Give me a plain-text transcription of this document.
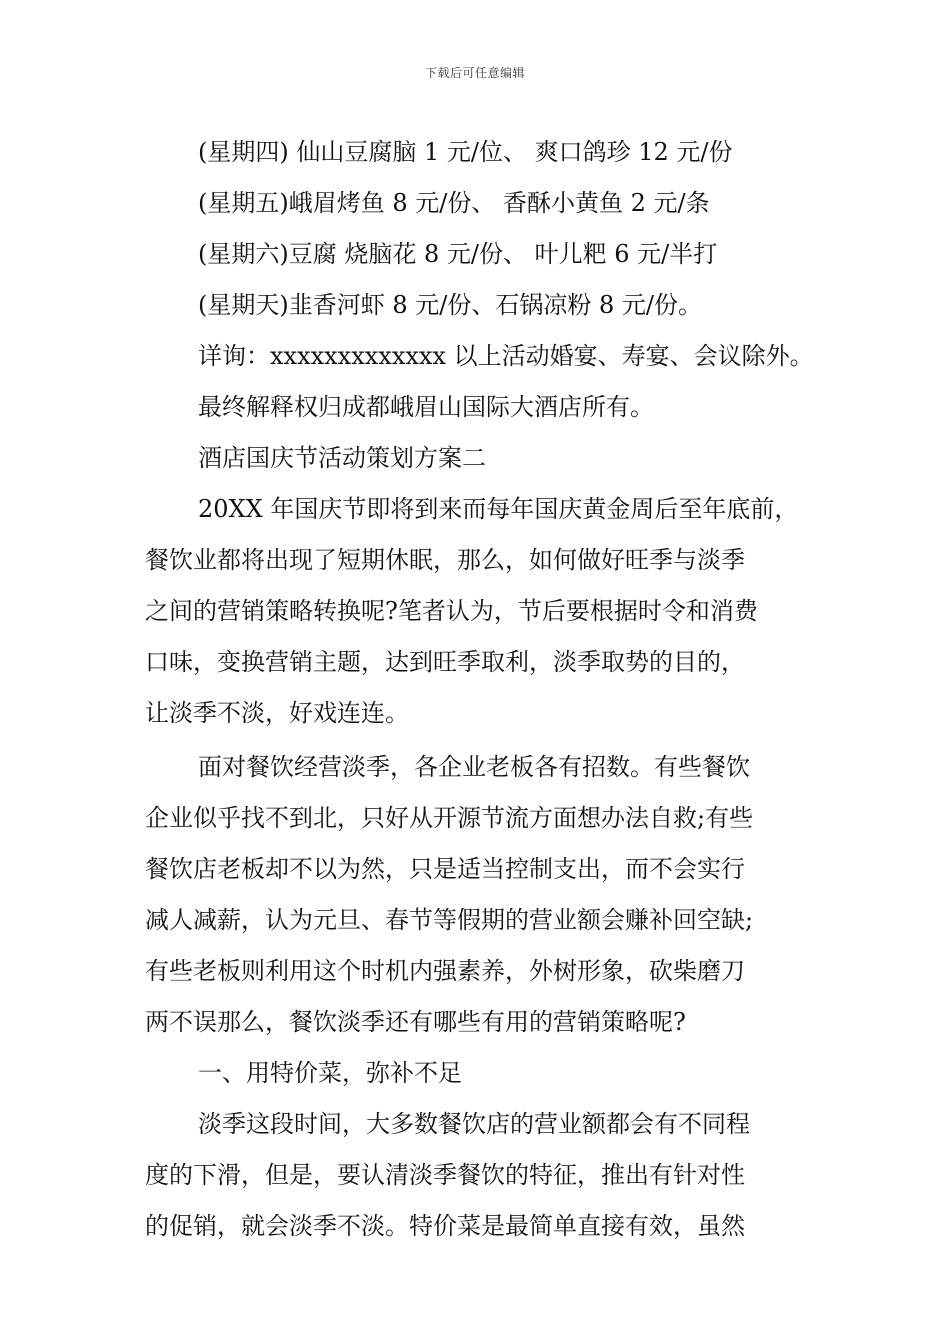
下载后可任意编辑
(星期四) 仙山豆腐脑 1 元/位、 爽口鸽珍 12 元/份
(星期五)峨眉烤鱼 8 元/份、 香酥小黄鱼 2 元/条
(星期六)豆腐 烧脑花 8 元/份、 叶儿粑 6 元/半打
(星期天)韭香河虾 8 元/份、石锅凉粉 8 元/份。
详询：xxxxxxxxxxxxx 以上活动婚宴、寿宴、会议除外。
最终解释权归成都峨眉山国际大酒店所有。
酒店国庆节活动策划方案二
20XX 年国庆节即将到来而每年国庆黄金周后至年底前，
餐饮业都将出现了短期休眠，那么，如何做好旺季与淡季
之间的营销策略转换呢?笔者认为，节后要根据时令和消费
口味，变换营销主题，达到旺季取利，淡季取势的目的，
让淡季不淡，好戏连连。
面对餐饮经营淡季，各企业老板各有招数。有些餐饮
企业似乎找不到北，只好从开源节流方面想办法自救;有些
餐饮店老板却不以为然，只是适当控制支出，而不会实行
减人减薪，认为元旦、春节等假期的营业额会赚补回空缺;
有些老板则利用这个时机内强素养，外树形象，砍柴磨刀
两不误那么，餐饮淡季还有哪些有用的营销策略呢?
一、用特价菜，弥补不足
淡季这段时间，大多数餐饮店的营业额都会有不同程
度的下滑，但是，要认清淡季餐饮的特征，推出有针对性
的促销，就会淡季不淡。特价菜是最简单直接有效，虽然
